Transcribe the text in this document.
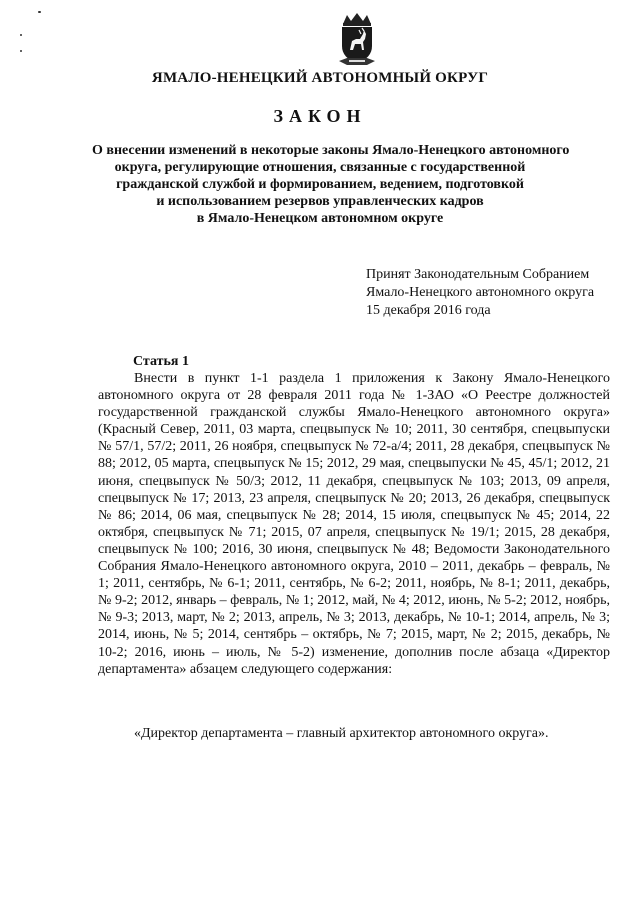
ЯМАЛО-НЕНЕЦКИЙ АВТОНОМНЫЙ ОКРУГ
ЗАКОН
О внесении изменений в некоторые законы Ямало-Ненецкого автономного
округа, регулирующие отношения, связанные с государственной
гражданской службой и формированием, ведением, подготовкой
и использованием резервов управленческих кадров
в Ямало-Ненецком автономном округе
Принят Законодательным Собранием
Ямало-Ненецкого автономного округа
15 декабря 2016 года
Статья 1
Внести в пункт 1-1 раздела 1 приложения к Закону Ямало-Ненецкого автономного округа от 28 февраля 2011 года № 1-ЗАО «О Реестре должностей государственной гражданской службы Ямало-Ненецкого автономного округа» (Красный Север, 2011, 03 марта, спецвыпуск № 10; 2011, 30 сентября, спецвыпуски № 57/1, 57/2; 2011, 26 ноября, спецвыпуск № 72-а/4; 2011, 28 декабря, спецвыпуск № 88; 2012, 05 марта, спецвыпуск № 15; 2012, 29 мая, спецвыпуски № 45, 45/1; 2012, 21 июня, спецвыпуск № 50/3; 2012, 11 декабря, спецвыпуск № 103; 2013, 09 апреля, спецвыпуск № 17; 2013, 23 апреля, спецвыпуск № 20; 2013, 26 декабря, спецвыпуск № 86; 2014, 06 мая, спецвыпуск № 28; 2014, 15 июля, спецвыпуск № 45; 2014, 22 октября, спецвыпуск № 71; 2015, 07 апреля, спецвыпуск № 19/1; 2015, 28 декабря, спецвыпуск № 100; 2016, 30 июня, спецвыпуск № 48; Ведомости Законодательного Собрания Ямало-Ненецкого автономного округа, 2010 – 2011, декабрь – февраль, № 1; 2011, сентябрь, № 6-1; 2011, сентябрь, № 6-2; 2011, ноябрь, № 8-1; 2011, декабрь, № 9-2; 2012, январь – февраль, № 1; 2012, май, № 4; 2012, июнь, № 5-2; 2012, ноябрь, № 9-3; 2013, март, № 2; 2013, апрель, № 3; 2013, декабрь, № 10-1; 2014, апрель, № 3; 2014, июнь, № 5; 2014, сентябрь – октябрь, № 7; 2015, март, № 2; 2015, декабрь, № 10-2; 2016, июнь – июль, № 5-2) изменение, дополнив после абзаца «Директор департамента» абзацем следующего содержания:
«Директор департамента – главный архитектор автономного округа».
